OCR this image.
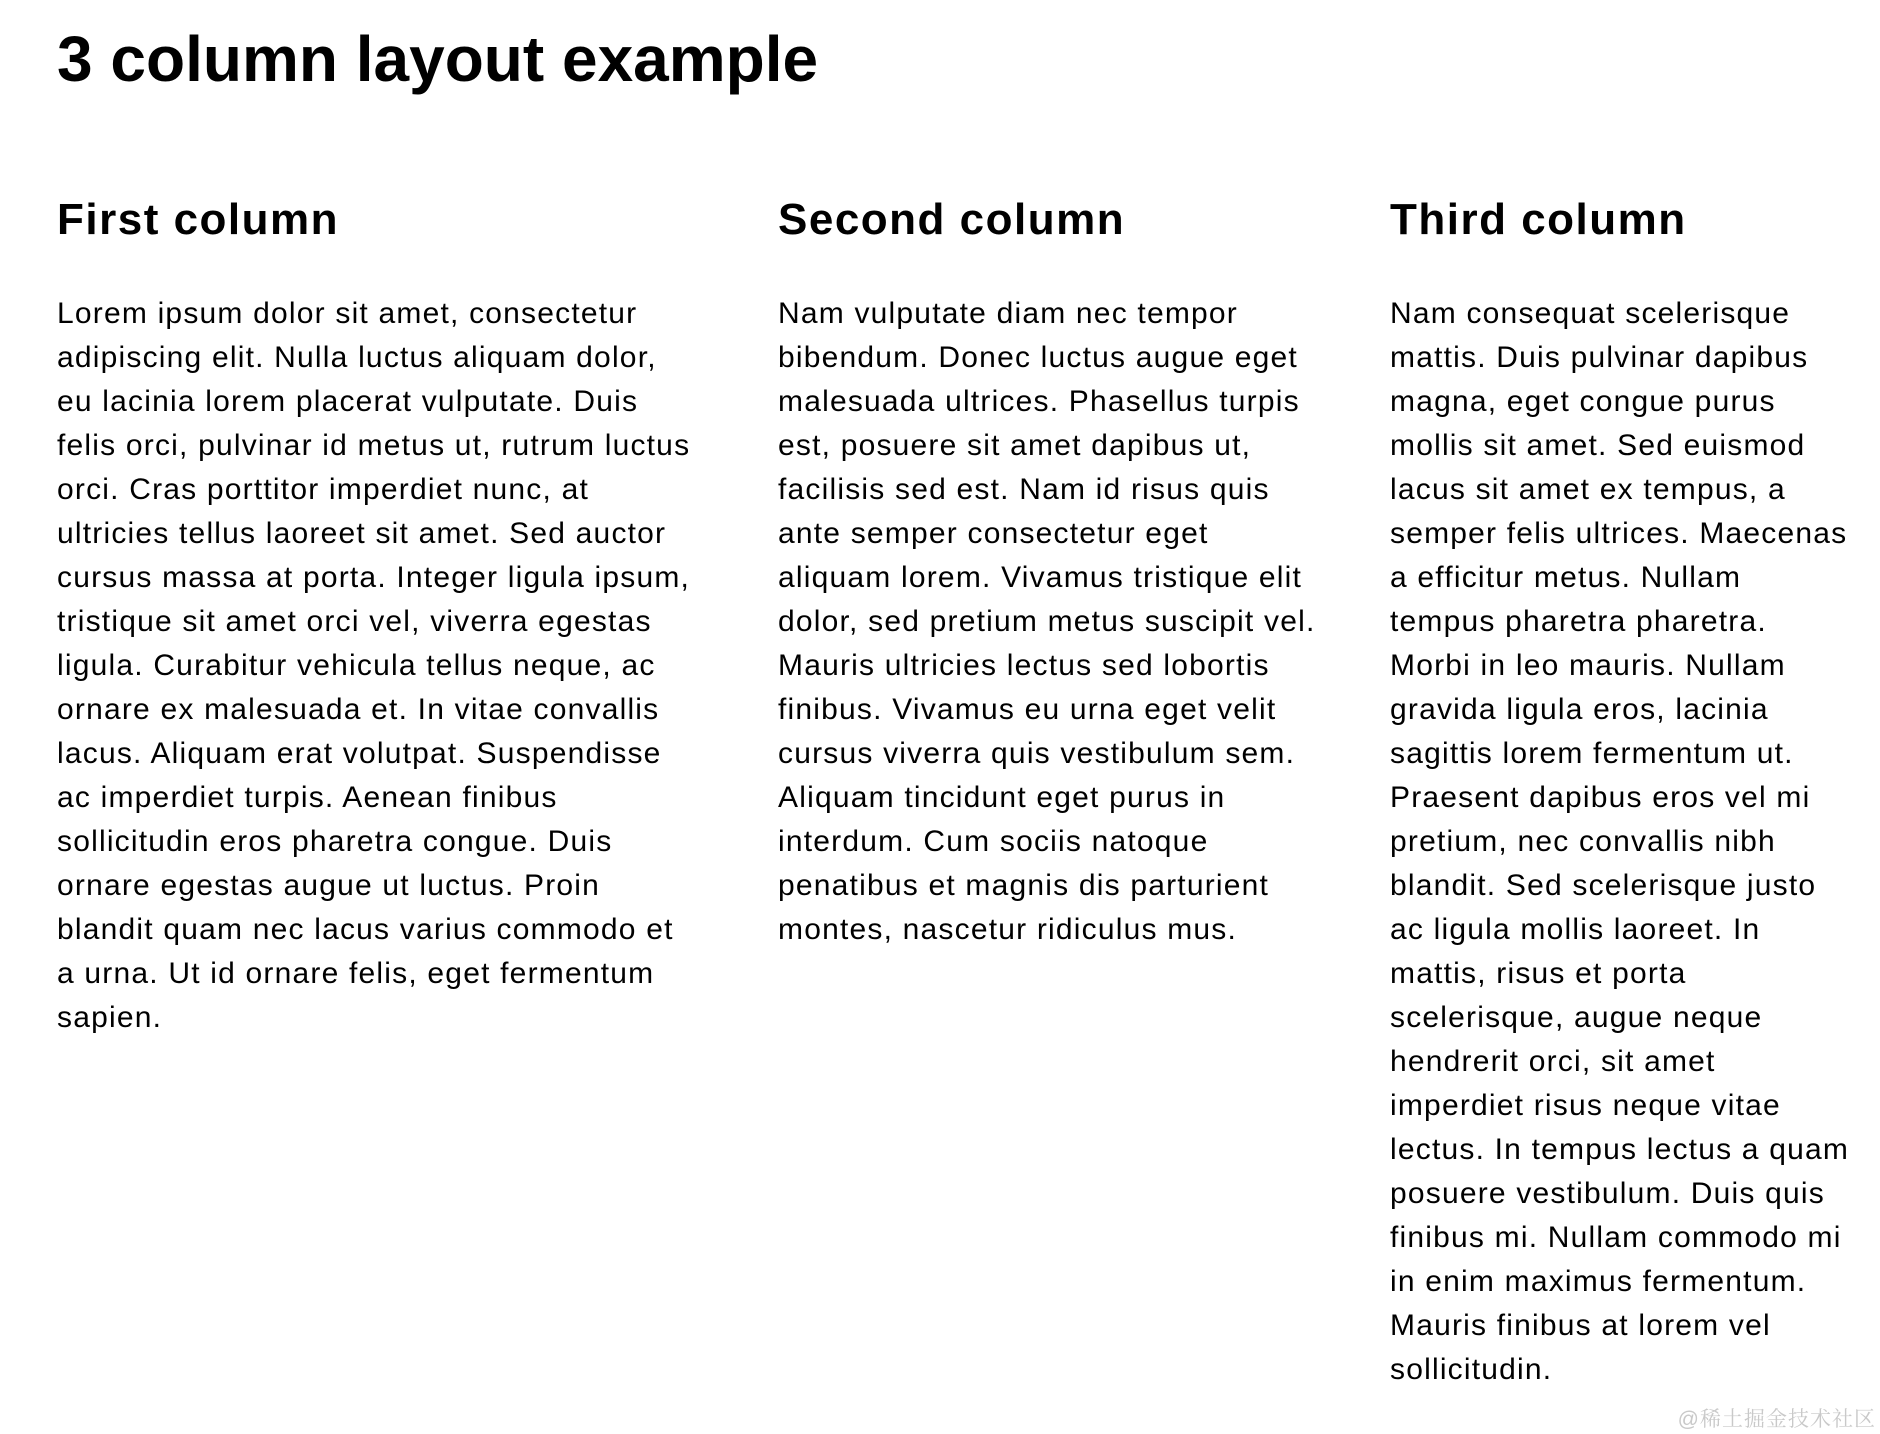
3 column layout example
First column

Lorem ipsum dolor sit amet, consectetur adipiscing elit. Nulla luctus aliquam dolor, eu lacinia lorem placerat vulputate. Duis felis orci, pulvinar id metus ut, rutrum luctus orci. Cras porttitor imperdiet nunc, at ultricies tellus laoreet sit amet. Sed auctor cursus massa at porta. Integer ligula ipsum, tristique sit amet orci vel, viverra egestas ligula. Curabitur vehicula tellus neque, ac ornare ex malesuada et. In vitae convallis lacus. Aliquam erat volutpat. Suspendisse ac imperdiet turpis. Aenean finibus sollicitudin eros pharetra congue. Duis ornare egestas augue ut luctus. Proin blandit quam nec lacus varius commodo et a urna. Ut id ornare felis, eget fermentum sapien.

Second column

Nam vulputate diam nec tempor bibendum. Donec luctus augue eget malesuada ultrices. Phasellus turpis est, posuere sit amet dapibus ut, facilisis sed est. Nam id risus quis ante semper consectetur eget aliquam lorem. Vivamus tristique elit dolor, sed pretium metus suscipit vel. Mauris ultricies lectus sed lobortis finibus. Vivamus eu urna eget velit cursus viverra quis vestibulum sem. Aliquam tincidunt eget purus in interdum. Cum sociis natoque penatibus et magnis dis parturient montes, nascetur ridiculus mus.

Third column

Nam consequat scelerisque mattis. Duis pulvinar dapibus magna, eget congue purus mollis sit amet. Sed euismod lacus sit amet ex tempus, a semper felis ultrices. Maecenas a efficitur metus. Nullam tempus pharetra pharetra. Morbi in leo mauris. Nullam gravida ligula eros, lacinia sagittis lorem fermentum ut. Praesent dapibus eros vel mi pretium, nec convallis nibh blandit. Sed scelerisque justo ac ligula mollis laoreet. In mattis, risus et porta scelerisque, augue neque hendrerit orci, sit amet imperdiet risus neque vitae lectus. In tempus lectus a quam posuere vestibulum. Duis quis finibus mi. Nullam commodo mi in enim maximus fermentum. Mauris finibus at lorem vel sollicitudin.

@稀土掘金技术社区
